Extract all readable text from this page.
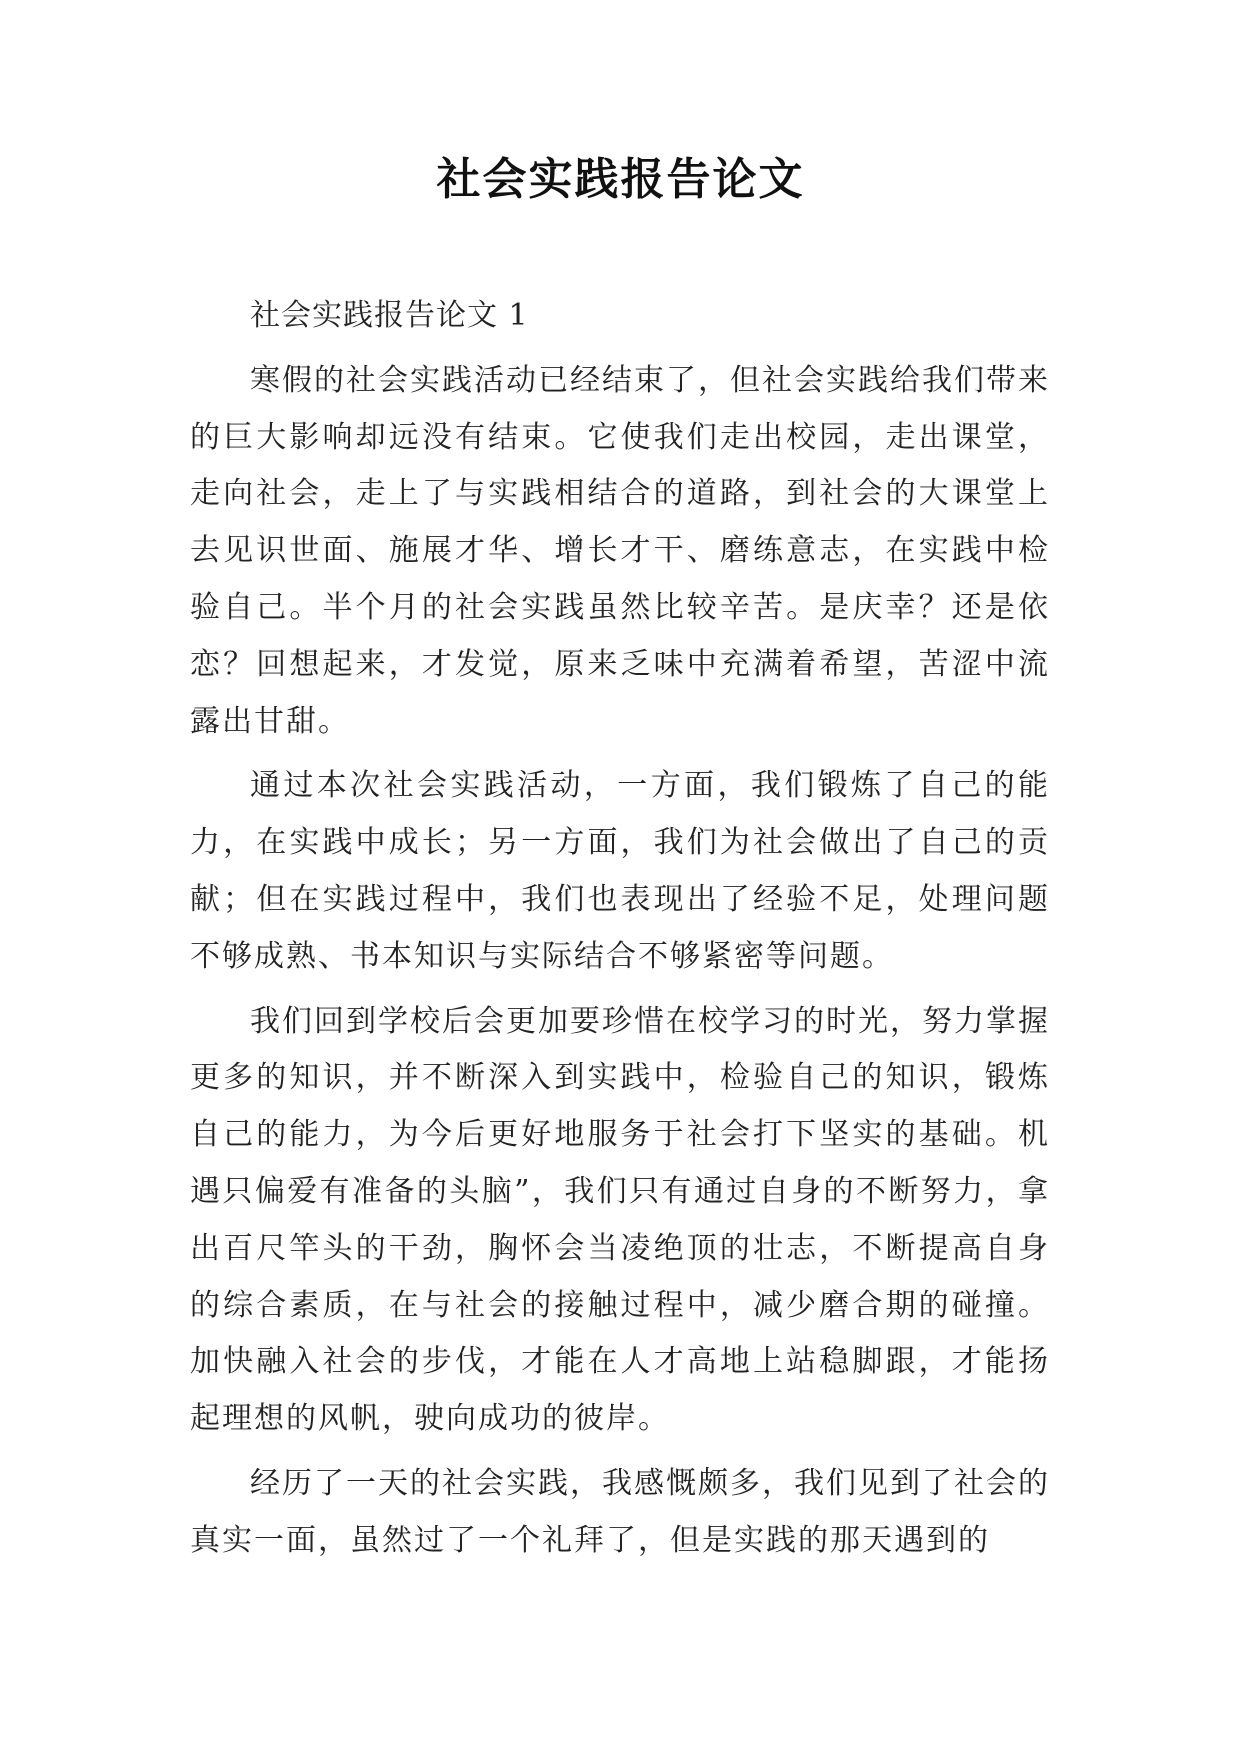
社会实践报告论文

社会实践报告论文 1

寒假的社会实践活动已经结束了，但社会实践给我们带来的巨大影响却远没有结束。它使我们走出校园，走出课堂，走向社会，走上了与实践相结合的道路，到社会的大课堂上去见识世面、施展才华、增长才干、磨练意志，在实践中检验自己。半个月的社会实践虽然比较辛苦。是庆幸？还是依恋？回想起来，才发觉，原来乏味中充满着希望，苦涩中流露出甘甜。

通过本次社会实践活动，一方面，我们锻炼了自己的能力，在实践中成长；另一方面，我们为社会做出了自己的贡献；但在实践过程中，我们也表现出了经验不足，处理问题不够成熟、书本知识与实际结合不够紧密等问题。

我们回到学校后会更加要珍惜在校学习的时光，努力掌握更多的知识，并不断深入到实践中，检验自己的知识，锻炼自己的能力，为今后更好地服务于社会打下坚实的基础。机遇只偏爱有准备的头脑”，我们只有通过自身的不断努力，拿出百尺竿头的干劲，胸怀会当凌绝顶的壮志，不断提高自身的综合素质，在与社会的接触过程中，减少磨合期的碰撞。加快融入社会的步伐，才能在人才高地上站稳脚跟，才能扬起理想的风帆，驶向成功的彼岸。

经历了一天的社会实践，我感慨颇多，我们见到了社会的真实一面，虽然过了一个礼拜了，但是实践的那天遇到的
